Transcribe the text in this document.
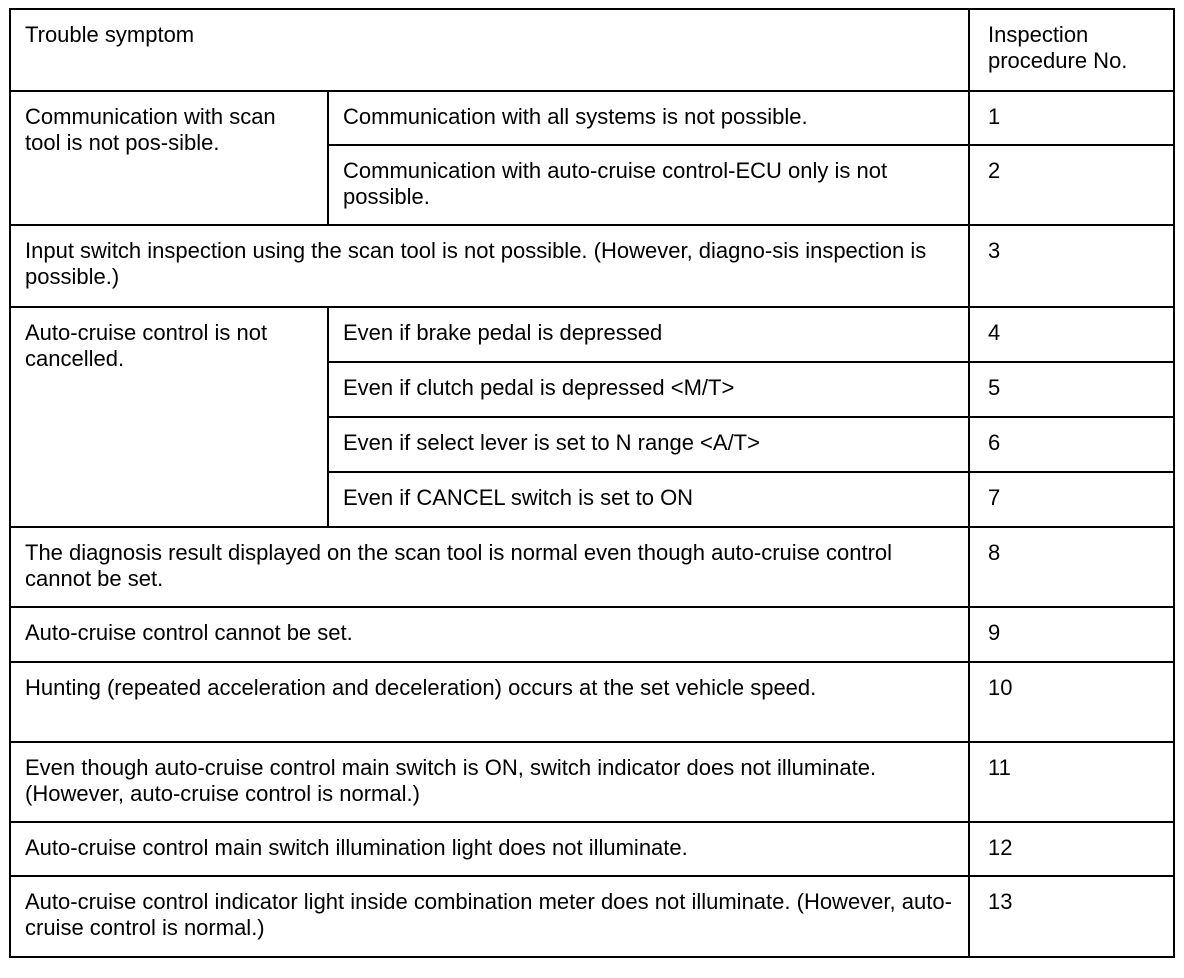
Trouble symptom		Inspection procedure No.
Communication with scan tool is not pos-sible.	Communication with all systems is not possible.	1
	Communication with auto-cruise control-ECU only is not possible.	2
Input switch inspection using the scan tool is not possible. (However, diagno-sis inspection is possible.)		3
Auto-cruise control is not cancelled.	Even if brake pedal is depressed	4
	Even if clutch pedal is depressed <M/T>	5
	Even if select lever is set to N range <A/T>	6
	Even if CANCEL switch is set to ON	7
The diagnosis result displayed on the scan tool is normal even though auto-cruise control cannot be set.		8
Auto-cruise control cannot be set.		9
Hunting (repeated acceleration and deceleration) occurs at the set vehicle speed.		10
Even though auto-cruise control main switch is ON, switch indicator does not illuminate. (However, auto-cruise control is normal.)		11
Auto-cruise control main switch illumination light does not illuminate.		12
Auto-cruise control indicator light inside combination meter does not illuminate. (However, auto-cruise control is normal.)		13
